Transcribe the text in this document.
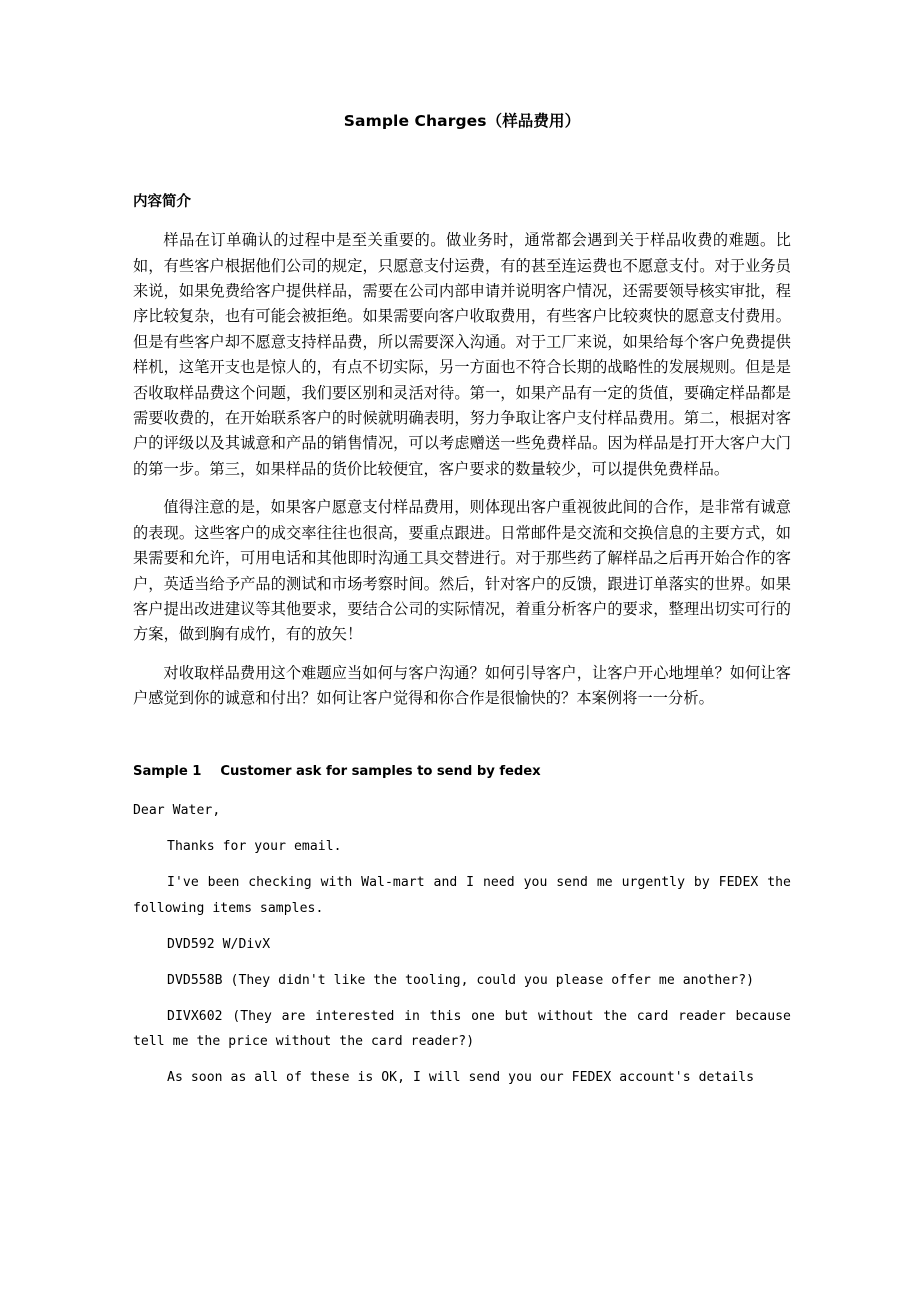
Sample Charges（样品费用）
内容简介

样品在订单确认的过程中是至关重要的。做业务时，通常都会遇到关于样品收费的难题。比如，有些客户根据他们公司的规定，只愿意支付运费，有的甚至连运费也不愿意支付。对于业务员来说，如果免费给客户提供样品，需要在公司内部申请并说明客户情况，还需要领导核实审批，程序比较复杂，也有可能会被拒绝。如果需要向客户收取费用，有些客户比较爽快的愿意支付费用。但是有些客户却不愿意支持样品费，所以需要深入沟通。对于工厂来说，如果给每个客户免费提供样机，这笔开支也是惊人的，有点不切实际，另一方面也不符合长期的战略性的发展规则。但是是否收取样品费这个问题，我们要区别和灵活对待。第一，如果产品有一定的货值，要确定样品都是需要收费的，在开始联系客户的时候就明确表明，努力争取让客户支付样品费用。第二，根据对客户的评级以及其诚意和产品的销售情况，可以考虑赠送一些免费样品。因为样品是打开大客户大门的第一步。第三，如果样品的货价比较便宜，客户要求的数量较少，可以提供免费样品。

值得注意的是，如果客户愿意支付样品费用，则体现出客户重视彼此间的合作，是非常有诚意的表现。这些客户的成交率往往也很高，要重点跟进。日常邮件是交流和交换信息的主要方式，如果需要和允许，可用电话和其他即时沟通工具交替进行。对于那些药了解样品之后再开始合作的客户，英适当给予产品的测试和市场考察时间。然后，针对客户的反馈，跟进订单落实的世界。如果客户提出改进建议等其他要求，要结合公司的实际情况，着重分析客户的要求，整理出切实可行的方案，做到胸有成竹，有的放矢！

对收取样品费用这个难题应当如何与客户沟通？如何引导客户，让客户开心地埋单？如何让客户感觉到你的诚意和付出？如何让客户觉得和你合作是很愉快的？本案例将一一分析。

Sample 1 Customer ask for samples to send by fedex

Dear Water,

Thanks for your email.

I've been checking with Wal-mart and I need you send me urgently by FEDEX the following items samples.

DVD592 W/DivX

DVD558B (They didn't like the tooling, could you please offer me another?)

DIVX602 (They are interested in this one but without the card reader because tell me the price without the card reader?)

As soon as all of these is OK, I will send you our FEDEX account's details
